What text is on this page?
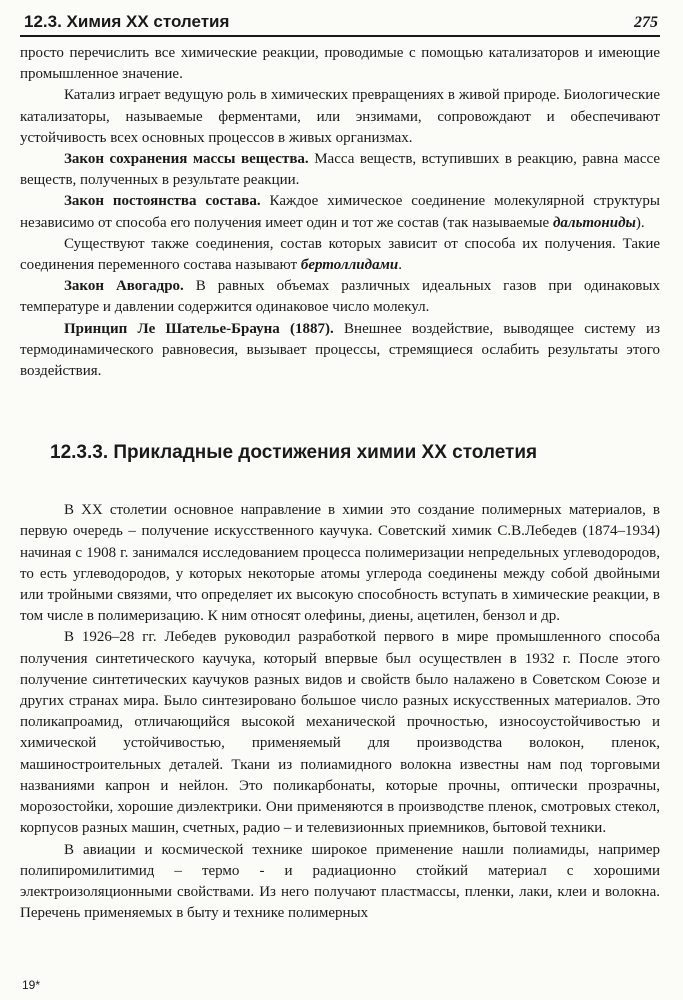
12.3. Химия XX столетия	275

просто перечислить все химические реакции, проводимые с помощью катализаторов и имеющие промышленное значение.

Катализ играет ведущую роль в химических превращениях в живой природе. Биологические катализаторы, называемые ферментами, или энзимами, сопровождают и обеспечивают устойчивость всех основных процессов в живых организмах.

Закон сохранения массы вещества. Масса веществ, вступивших в реакцию, равна массе веществ, полученных в результате реакции.

Закон постоянства состава. Каждое химическое соединение молекулярной структуры независимо от способа его получения имеет один и тот же состав (так называемые дальтониды).

Существуют также соединения, состав которых зависит от способа их получения. Такие соединения переменного состава называют бертоллидами.

Закон Авогадро. В равных объемах различных идеальных газов при одинаковых температуре и давлении содержится одинаковое число молекул.

Принцип Ле Шателье-Брауна (1887). Внешнее воздействие, выводящее систему из термодинамического равновесия, вызывает процессы, стремящиеся ослабить результаты этого воздействия.

12.3.3. Прикладные достижения химии XX столетия

В XX столетии основное направление в химии это создание полимерных материалов, в первую очередь – получение искусственного каучука. Советский химик С.В.Лебедев (1874–1934) начиная с 1908 г. занимался исследованием процесса полимеризации непредельных углеводородов, то есть углеводородов, у которых некоторые атомы углерода соединены между собой двойными или тройными связями, что определяет их высокую способность вступать в химические реакции, в том числе в полимеризацию. К ним относят олефины, диены, ацетилен, бензол и др.

В 1926–28 гг. Лебедев руководил разработкой первого в мире промышленного способа получения синтетического каучука, который впервые был осуществлен в 1932 г. После этого получение синтетических каучуков разных видов и свойств было налажено в Советском Союзе и других странах мира. Было синтезировано большое число разных искусственных материалов. Это поликапроамид, отличающийся высокой механической прочностью, износоустойчивостью и химической устойчивостью, применяемый для производства волокон, пленок, машиностроительных деталей. Ткани из полиамидного волокна известны нам под торговыми названиями капрон и нейлон. Это поликарбонаты, которые прочны, оптически прозрачны, морозостойки, хорошие диэлектрики. Они применяются в производстве пленок, смотровых стекол, корпусов разных машин, счетных, радио – и телевизионных приемников, бытовой техники.

В авиации и космической технике широкое применение нашли полиамиды, например полипиромилитимид – термо - и радиационно стойкий материал с хорошими электроизоляционными свойствами. Из него получают пластмассы, пленки, лаки, клеи и волокна. Перечень применяемых в быту и технике полимерных

19*
